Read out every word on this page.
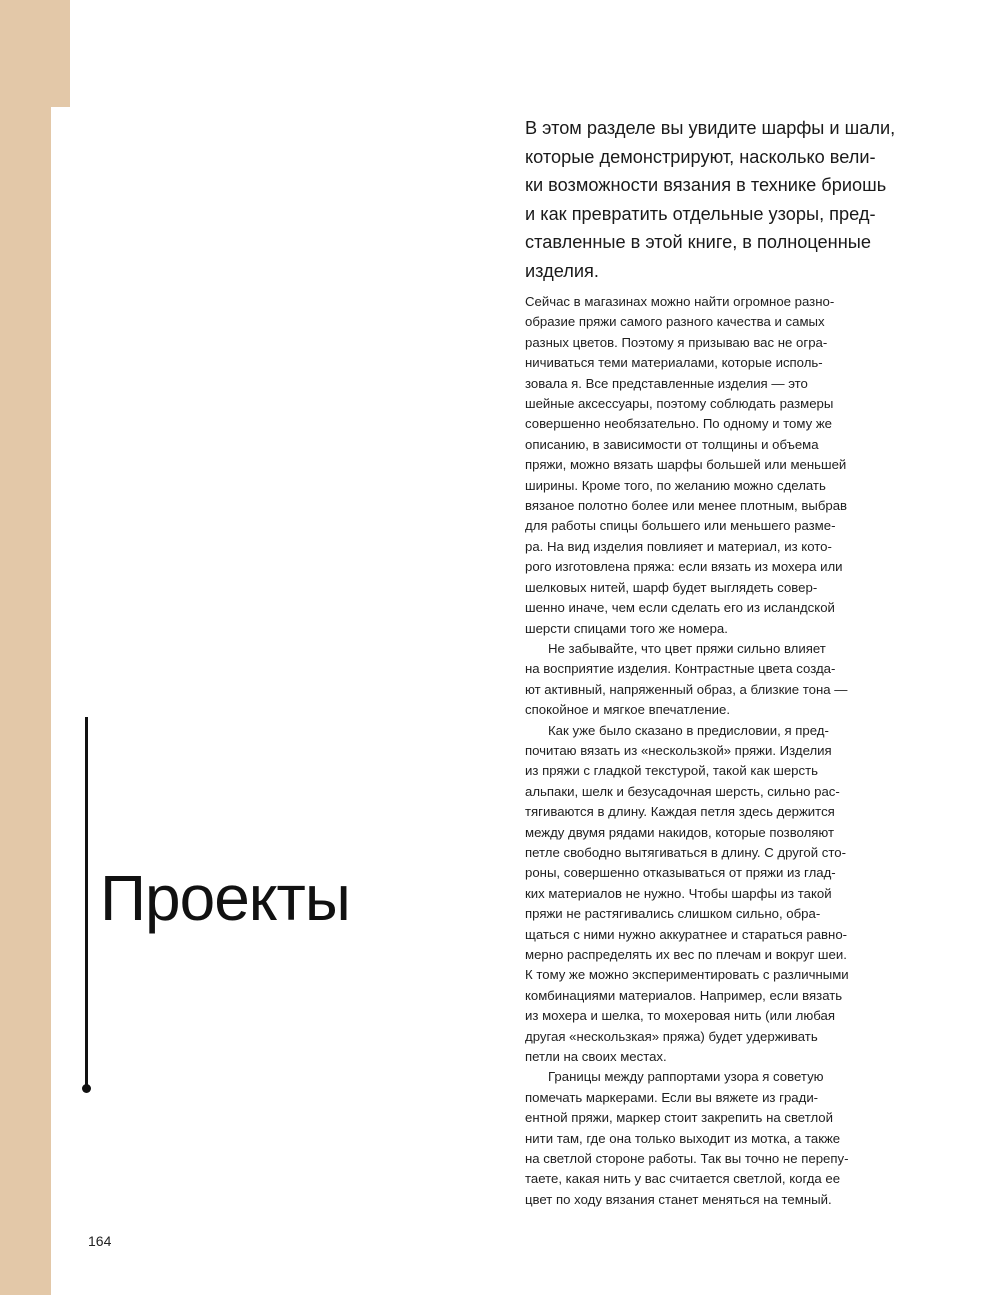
Проекты
164
В этом разделе вы увидите шарфы и шали,
которые демонстрируют, насколько вели-
ки возможности вязания в технике бриошь
и как превратить отдельные узоры, пред-
ставленные в этой книге, в полноценные
изделия.
Сейчас в магазинах можно найти огромное разно-
образие пряжи самого разного качества и самых
разных цветов. Поэтому я призываю вас не огра-
ничиваться теми материалами, которые исполь-
зовала я. Все представленные изделия — это
шейные аксессуары, поэтому соблюдать размеры
совершенно необязательно. По одному и тому же
описанию, в зависимости от толщины и объема
пряжи, можно вязать шарфы большей или меньшей
ширины. Кроме того, по желанию можно сделать
вязаное полотно более или менее плотным, выбрав
для работы спицы большего или меньшего разме-
ра. На вид изделия повлияет и материал, из кото-
рого изготовлена пряжа: если вязать из мохера или
шелковых нитей, шарф будет выглядеть совер-
шенно иначе, чем если сделать его из исландской
шерсти спицами того же номера.
Не забывайте, что цвет пряжи сильно влияет
на восприятие изделия. Контрастные цвета созда-
ют активный, напряженный образ, а близкие тона —
спокойное и мягкое впечатление.
Как уже было сказано в предисловии, я пред-
почитаю вязать из «нескользкой» пряжи. Изделия
из пряжи с гладкой текстурой, такой как шерсть
альпаки, шелк и безусадочная шерсть, сильно рас-
тягиваются в длину. Каждая петля здесь держится
между двумя рядами накидов, которые позволяют
петле свободно вытягиваться в длину. С другой сто-
роны, совершенно отказываться от пряжи из глад-
ких материалов не нужно. Чтобы шарфы из такой
пряжи не растягивались слишком сильно, обра-
щаться с ними нужно аккуратнее и стараться равно-
мерно распределять их вес по плечам и вокруг шеи.
К тому же можно экспериментировать с различными
комбинациями материалов. Например, если вязать
из мохера и шелка, то мохеровая нить (или любая
другая «нескользкая» пряжа) будет удерживать
петли на своих местах.
Границы между раппортами узора я советую
помечать маркерами. Если вы вяжете из гради-
ентной пряжи, маркер стоит закрепить на светлой
нити там, где она только выходит из мотка, а также
на светлой стороне работы. Так вы точно не перепу-
таете, какая нить у вас считается светлой, когда ее
цвет по ходу вязания станет меняться на темный.
